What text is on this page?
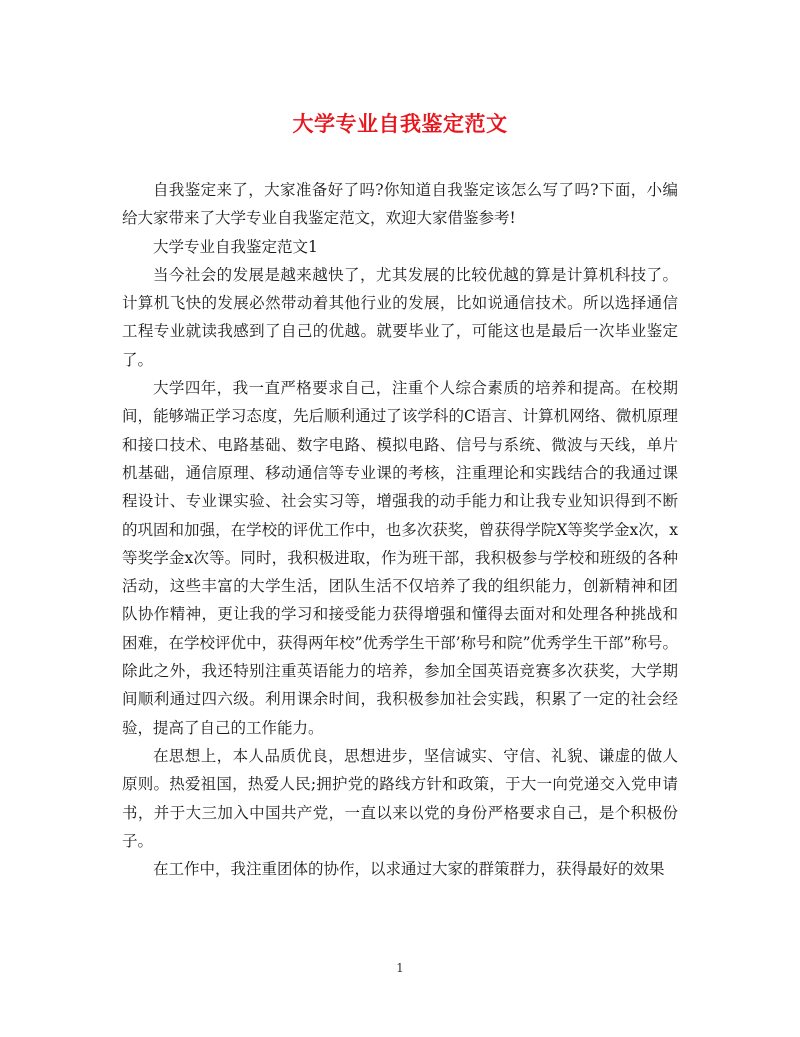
大学专业自我鉴定范文

自我鉴定来了，大家准备好了吗?你知道自我鉴定该怎么写了吗?下面，小编给大家带来了大学专业自我鉴定范文，欢迎大家借鉴参考!

大学专业自我鉴定范文1

当今社会的发展是越来越快了，尤其发展的比较优越的算是计算机科技了。计算机飞快的发展必然带动着其他行业的发展，比如说通信技术。所以选择通信工程专业就读我感到了自己的优越。就要毕业了，可能这也是最后一次毕业鉴定了。

大学四年，我一直严格要求自己，注重个人综合素质的培养和提高。在校期间，能够端正学习态度，先后顺利通过了该学科的C语言、计算机网络、微机原理和接口技术、电路基础、数字电路、模拟电路、信号与系统、微波与天线，单片机基础，通信原理、移动通信等专业课的考核，注重理论和实践结合的我通过课程设计、专业课实验、社会实习等，增强我的动手能力和让我专业知识得到不断的巩固和加强，在学校的评优工作中，也多次获奖，曾获得学院X等奖学金x次，x等奖学金x次等。同时，我积极进取，作为班干部，我积极参与学校和班级的各种活动，这些丰富的大学生活，团队生活不仅培养了我的组织能力，创新精神和团队协作精神，更让我的学习和接受能力获得增强和懂得去面对和处理各种挑战和困难，在学校评优中，获得两年校”优秀学生干部’称号和院”优秀学生干部”称号。除此之外，我还特别注重英语能力的培养，参加全国英语竞赛多次获奖，大学期间顺利通过四六级。利用课余时间，我积极参加社会实践，积累了一定的社会经验，提高了自己的工作能力。

在思想上，本人品质优良，思想进步，坚信诚实、守信、礼貌、谦虚的做人原则。热爱祖国，热爱人民;拥护党的路线方针和政策，于大一向党递交入党申请书，并于大三加入中国共产党，一直以来以党的身份严格要求自己，是个积极份子。

在工作中，我注重团体的协作，以求通过大家的群策群力，获得最好的效果

1
